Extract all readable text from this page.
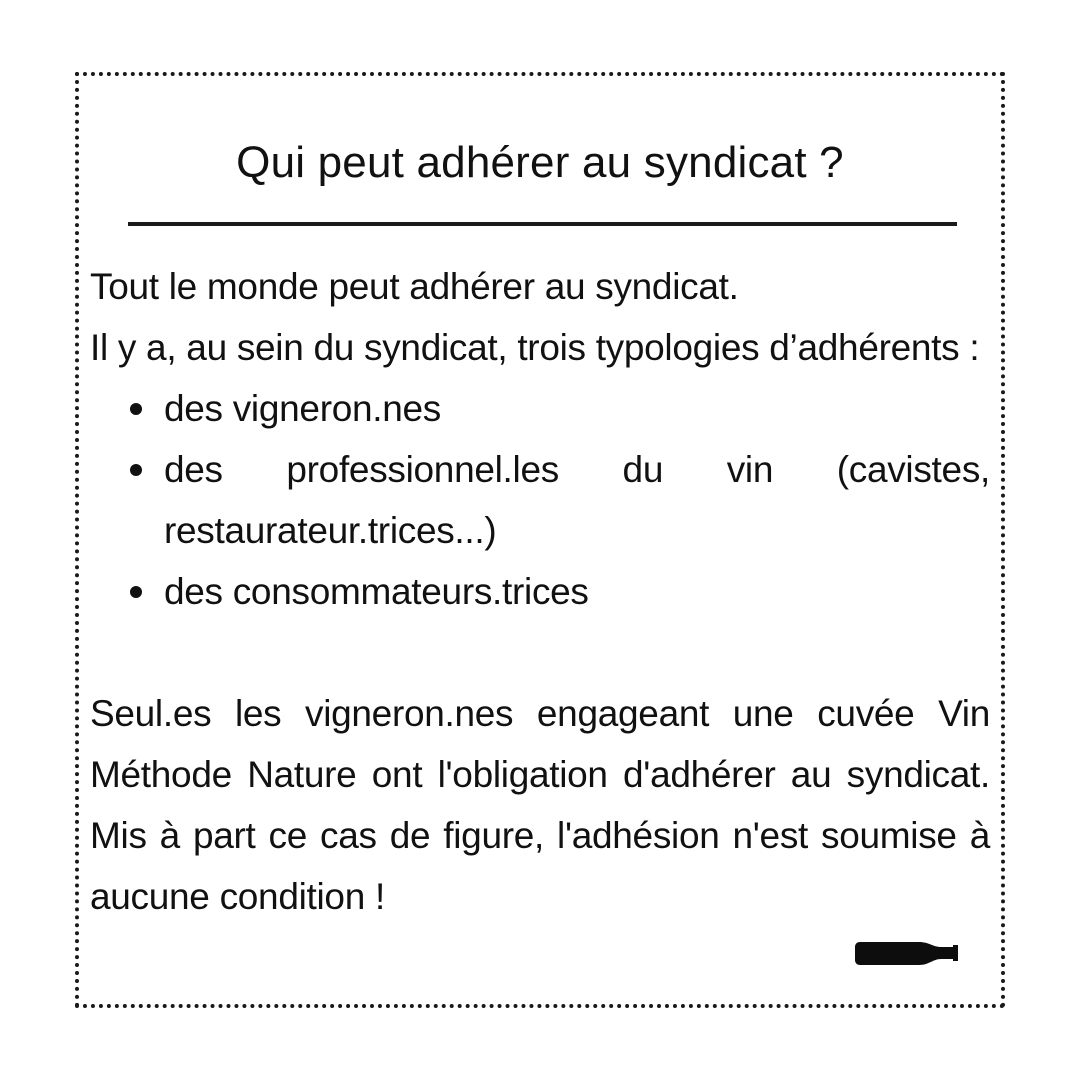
Qui peut adhérer au syndicat ?

Tout le monde peut adhérer au syndicat.

Il y a, au sein du syndicat, trois typologies d’adhérents :

des vigneron.nes
des professionnel.les du vin (cavistes, restaurateur.trices...)
des consommateurs.trices

Seul.es les vigneron.nes engageant une cuvée Vin Méthode Nature ont l'obligation d'adhérer au syndicat. Mis à part ce cas de figure, l'adhésion n'est soumise à aucune condition !
